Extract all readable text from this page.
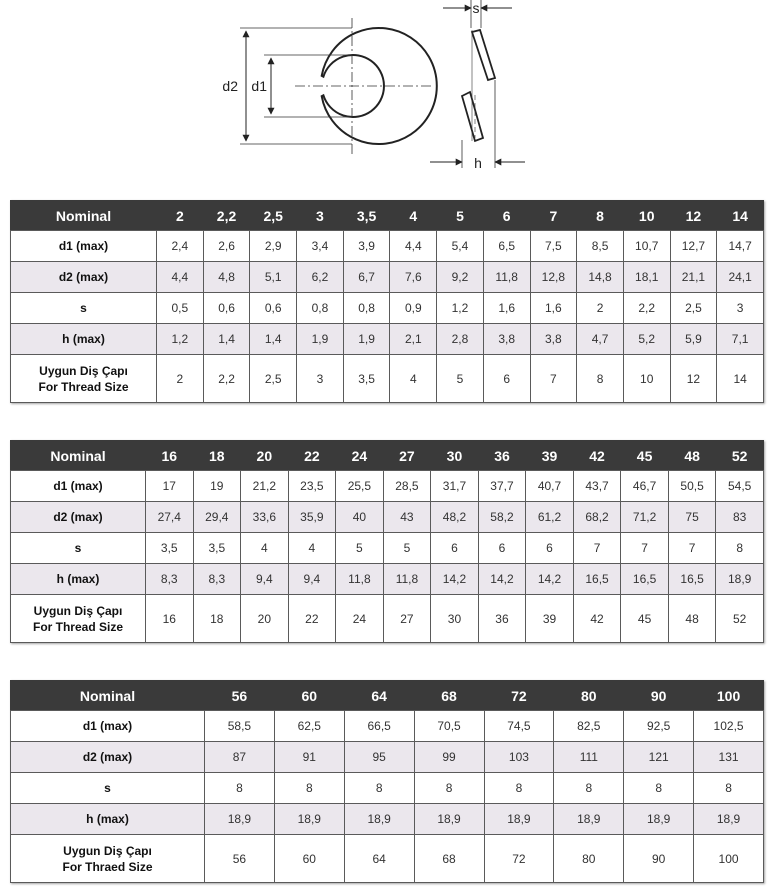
d2 d1
s
h
Nominal	2	2,2	2,5	3	3,5	4	5	6	7	8	10	12	14

d1 (max)	2,4	2,6	2,9	3,4	3,9	4,4	5,4	6,5	7,5	8,5	10,7	12,7	14,7

d2 (max)	4,4	4,8	5,1	6,2	6,7	7,6	9,2	11,8	12,8	14,8	18,1	21,1	24,1

s	0,5	0,6	0,6	0,8	0,8	0,9	1,2	1,6	1,6	2	2,2	2,5	3

h (max)	1,2	1,4	1,4	1,9	1,9	2,1	2,8	3,8	3,8	4,7	5,2	5,9	7,1

Uygun Diş Çapı
For Thread Size	2	2,2	2,5	3	3,5	4	5	6	7	8	10	12	14
Nominal	16	18	20	22	24	27	30	36	39	42	45	48	52

d1 (max)	17	19	21,2	23,5	25,5	28,5	31,7	37,7	40,7	43,7	46,7	50,5	54,5

d2 (max)	27,4	29,4	33,6	35,9	40	43	48,2	58,2	61,2	68,2	71,2	75	83

s	3,5	3,5	4	4	5	5	6	6	6	7	7	7	8

h (max)	8,3	8,3	9,4	9,4	11,8	11,8	14,2	14,2	14,2	16,5	16,5	16,5	18,9

Uygun Diş Çapı
For Thread Size	16	18	20	22	24	27	30	36	39	42	45	48	52
Nominal	56	60	64	68	72	80	90	100

d1 (max)	58,5	62,5	66,5	70,5	74,5	82,5	92,5	102,5

d2 (max)	87	91	95	99	103	111	121	131

s	8	8	8	8	8	8	8	8

h (max)	18,9	18,9	18,9	18,9	18,9	18,9	18,9	18,9

Uygun Diş Çapı
For Thraed Size	56	60	64	68	72	80	90	100
